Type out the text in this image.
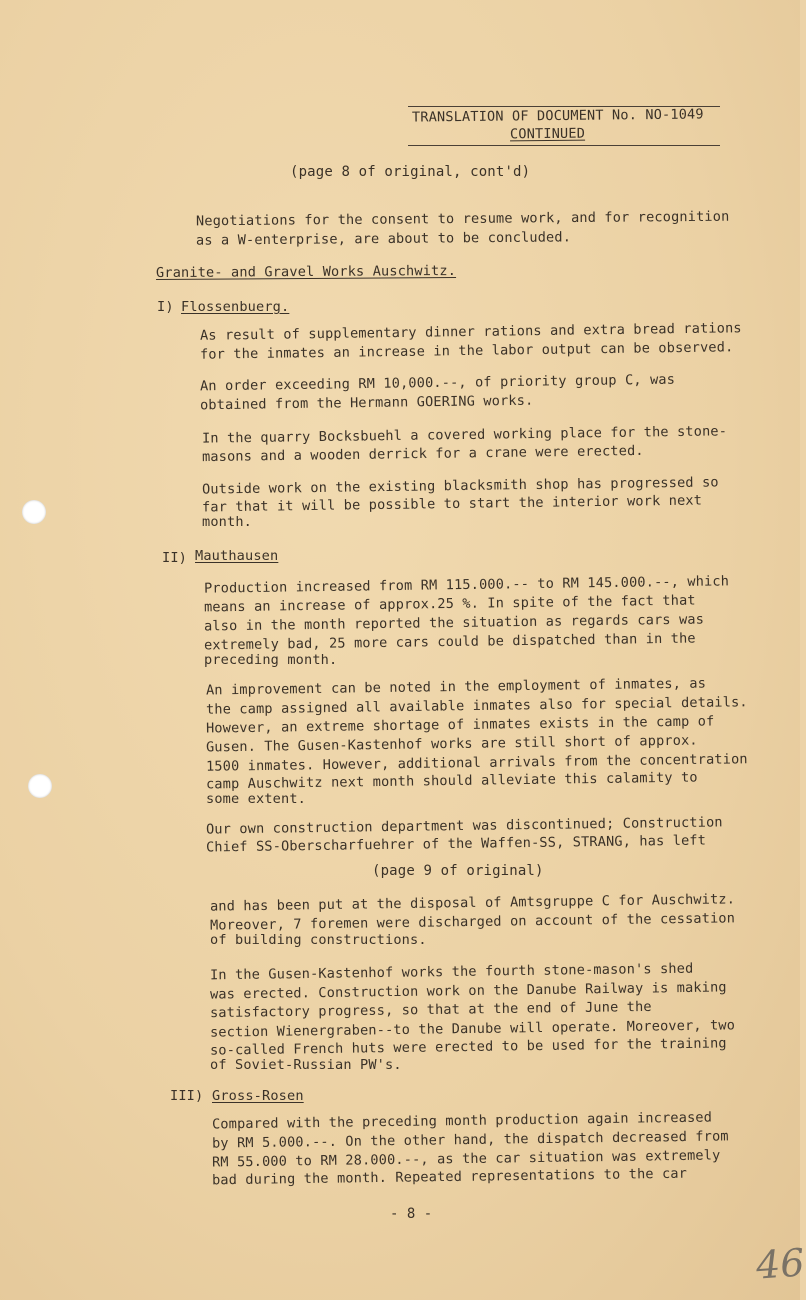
TRANSLATION OF DOCUMENT No. NO-1049
CONTINUED
(page 8 of original, cont'd)
Negotiations for the consent to resume work, and for recognition
as a W-enterprise, are about to be concluded.
Granite- and Gravel Works Auschwitz.
I) Flossenbuerg.
As result of supplementary dinner rations and extra bread rations
for the inmates an increase in the labor output can be observed.
An order exceeding RM 10,000.--, of priority group C, was
obtained from the Hermann GOERING works.
In the quarry Bocksbuehl a covered working place for the stone-
masons and a wooden derrick for a crane were erected.
Outside work on the existing blacksmith shop has progressed so
far that it will be possible to start the interior work next
month.
II) Mauthausen
Production increased from RM 115.000.-- to RM 145.000.--, which
means an increase of approx.25 %. In spite of the fact that
also in the month reported the situation as regards cars was
extremely bad, 25 more cars could be dispatched than in the
preceding month.
An improvement can be noted in the employment of inmates, as
the camp assigned all available inmates also for special details.
However, an extreme shortage of inmates exists in the camp of
Gusen. The Gusen-Kastenhof works are still short of approx.
1500 inmates. However, additional arrivals from the concentration
camp Auschwitz next month should alleviate this calamity to
some extent.
Our own construction department was discontinued; Construction
Chief SS-Oberscharfuehrer of the Waffen-SS, STRANG, has left
(page 9 of original)
and has been put at the disposal of Amtsgruppe C for Auschwitz.
Moreover, 7 foremen were discharged on account of the cessation
of building constructions.
In the Gusen-Kastenhof works the fourth stone-mason's shed
was erected. Construction work on the Danube Railway is making
satisfactory progress, so that at the end of June the
section Wienergraben--to the Danube will operate. Moreover, two
so-called French huts were erected to be used for the training
of Soviet-Russian PW's.
III) Gross-Rosen
Compared with the preceding month production again increased
by RM 5.000.--. On the other hand, the dispatch decreased from
RM 55.000 to RM 28.000.--, as the car situation was extremely
bad during the month. Repeated representations to the car
- 8 -
46
